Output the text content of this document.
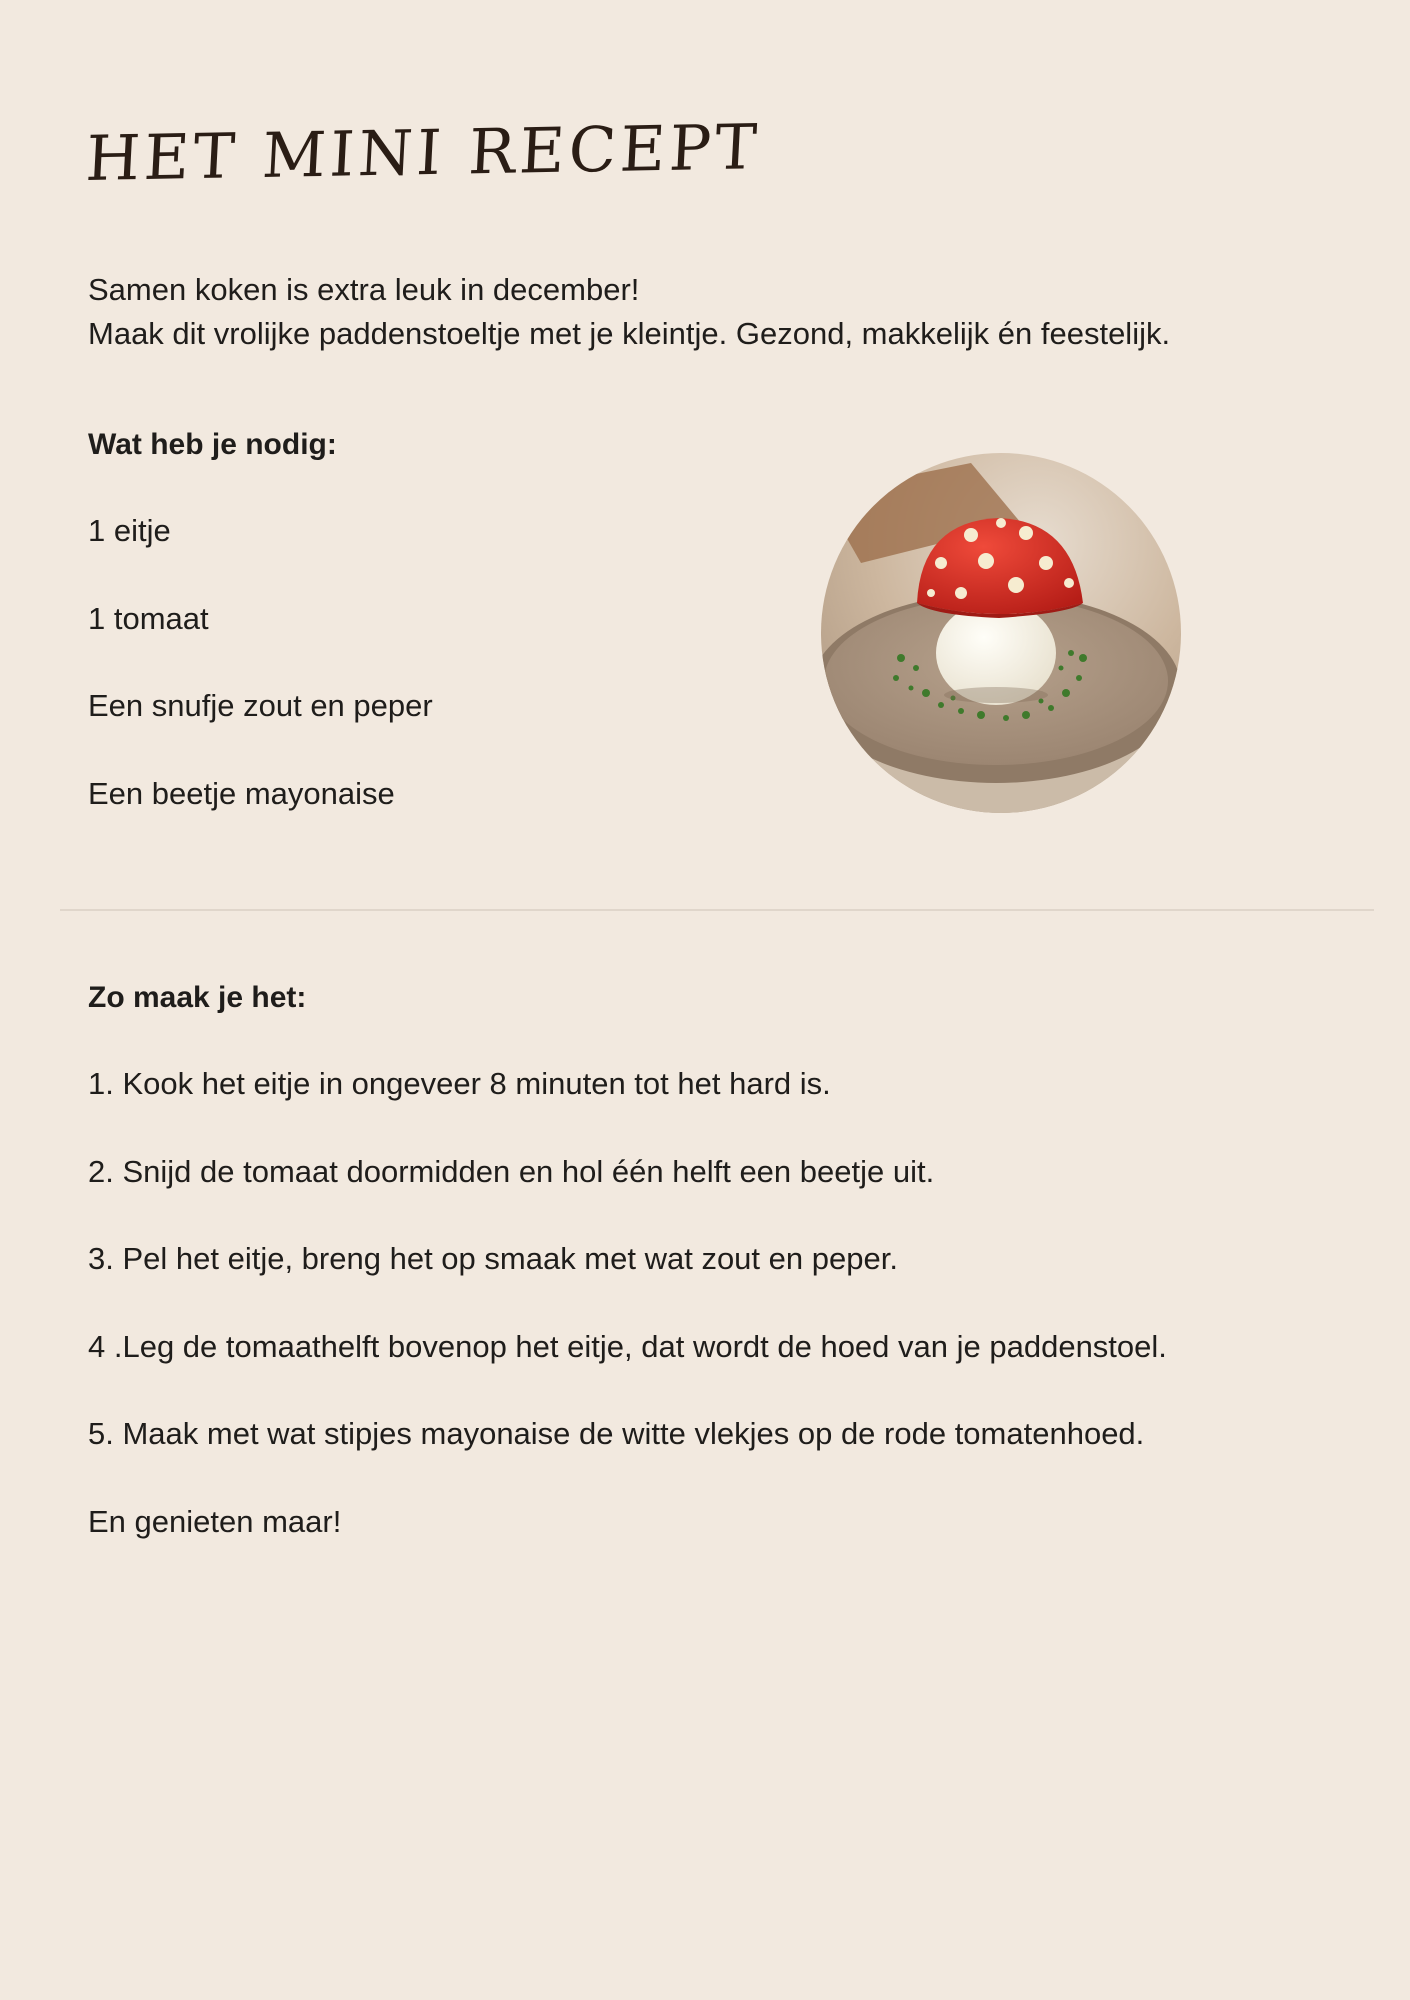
HET MINI RECEPT

Samen koken is extra leuk in december!

Maak dit vrolijke paddenstoeltje met je kleintje. Gezond, makkelijk én feestelijk.

Wat heb je nodig:
1 eitje
1 tomaat
Een snufje zout en peper
Een beetje mayonaise
Zo maak je het:
1. Kook het eitje in ongeveer 8 minuten tot het hard is.
2. Snijd de tomaat doormidden en hol één helft een beetje uit.
3. Pel het eitje, breng het op smaak met wat zout en peper.
4 .Leg de tomaathelft bovenop het eitje, dat wordt de hoed van je paddenstoel.
5. Maak met wat stipjes mayonaise de witte vlekjes op de rode tomatenhoed.
En genieten maar!
